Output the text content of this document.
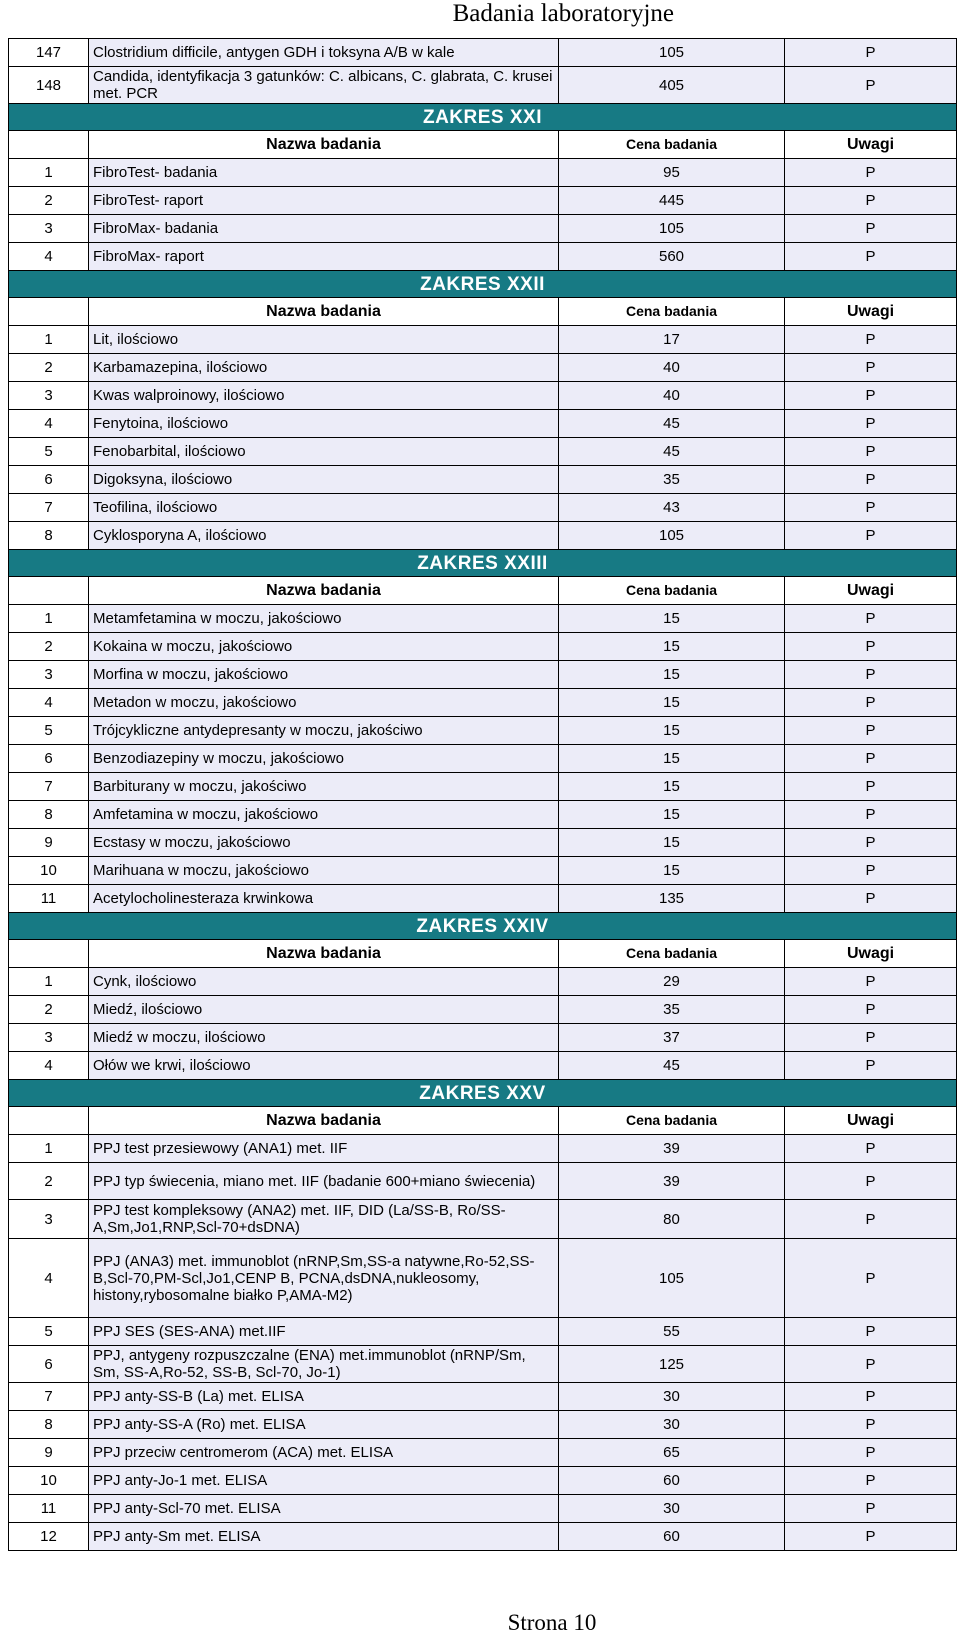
Badania laboratoryjne
147	Clostridium difficile, antygen GDH i toksyna A/B w kale	105	P
148	Candida, identyfikacja 3 gatunków: C. albicans, C. glabrata, C. krusei met. PCR	405	P
ZAKRES XXI			
	Nazwa badania	Cena badania	Uwagi
1	FibroTest- badania	95	P
2	FibroTest- raport	445	P
3	FibroMax- badania	105	P
4	FibroMax- raport	560	P
ZAKRES XXII			
	Nazwa badania	Cena badania	Uwagi
1	Lit, ilościowo	17	P
2	Karbamazepina, ilościowo	40	P
3	Kwas walproinowy, ilościowo	40	P
4	Fenytoina, ilościowo	45	P
5	Fenobarbital, ilościowo	45	P
6	Digoksyna, ilościowo	35	P
7	Teofilina, ilościowo	43	P
8	Cyklosporyna A, ilościowo	105	P
ZAKRES XXIII			
	Nazwa badania	Cena badania	Uwagi
1	Metamfetamina w moczu, jakościowo	15	P
2	Kokaina w moczu, jakościowo	15	P
3	Morfina w moczu, jakościowo	15	P
4	Metadon w moczu, jakościowo	15	P
5	Trójcykliczne antydepresanty w moczu, jakościwo	15	P
6	Benzodiazepiny w moczu, jakościowo	15	P
7	Barbiturany w moczu, jakościwo	15	P
8	Amfetamina w moczu, jakościowo	15	P
9	Ecstasy w moczu, jakościowo	15	P
10	Marihuana w moczu, jakościowo	15	P
11	Acetylocholinesteraza krwinkowa	135	P
ZAKRES XXIV			
	Nazwa badania	Cena badania	Uwagi
1	Cynk, ilościowo	29	P
2	Miedź, ilościowo	35	P
3	Miedź w moczu, ilościowo	37	P
4	Ołów we krwi, ilościowo	45	P
ZAKRES XXV			
	Nazwa badania	Cena badania	Uwagi
1	PPJ test przesiewowy (ANA1) met. IIF	39	P
2	PPJ typ świecenia, miano met. IIF (badanie 600+miano świecenia)	39	P
3	PPJ test kompleksowy (ANA2) met. IIF, DID (La/SS-B, Ro/SS-A,Sm,Jo1,RNP,Scl-70+dsDNA)	80	P
4	PPJ (ANA3) met. immunoblot (nRNP,Sm,SS-a natywne,Ro-52,SS-B,Scl-70,PM-Scl,Jo1,CENP B, PCNA,dsDNA,nukleosomy, histony,rybosomalne białko P,AMA-M2)	105	P
5	PPJ SES (SES-ANA) met.IIF	55	P
6	PPJ, antygeny rozpuszczalne (ENA) met.immunoblot (nRNP/Sm, Sm, SS-A,Ro-52, SS-B, Scl-70, Jo-1)	125	P
7	PPJ anty-SS-B (La) met. ELISA	30	P
8	PPJ anty-SS-A (Ro) met. ELISA	30	P
9	PPJ przeciw centromerom (ACA) met. ELISA	65	P
10	PPJ anty-Jo-1 met. ELISA	60	P
11	PPJ anty-Scl-70 met. ELISA	30	P
12	PPJ anty-Sm met. ELISA	60	P
Strona 10
